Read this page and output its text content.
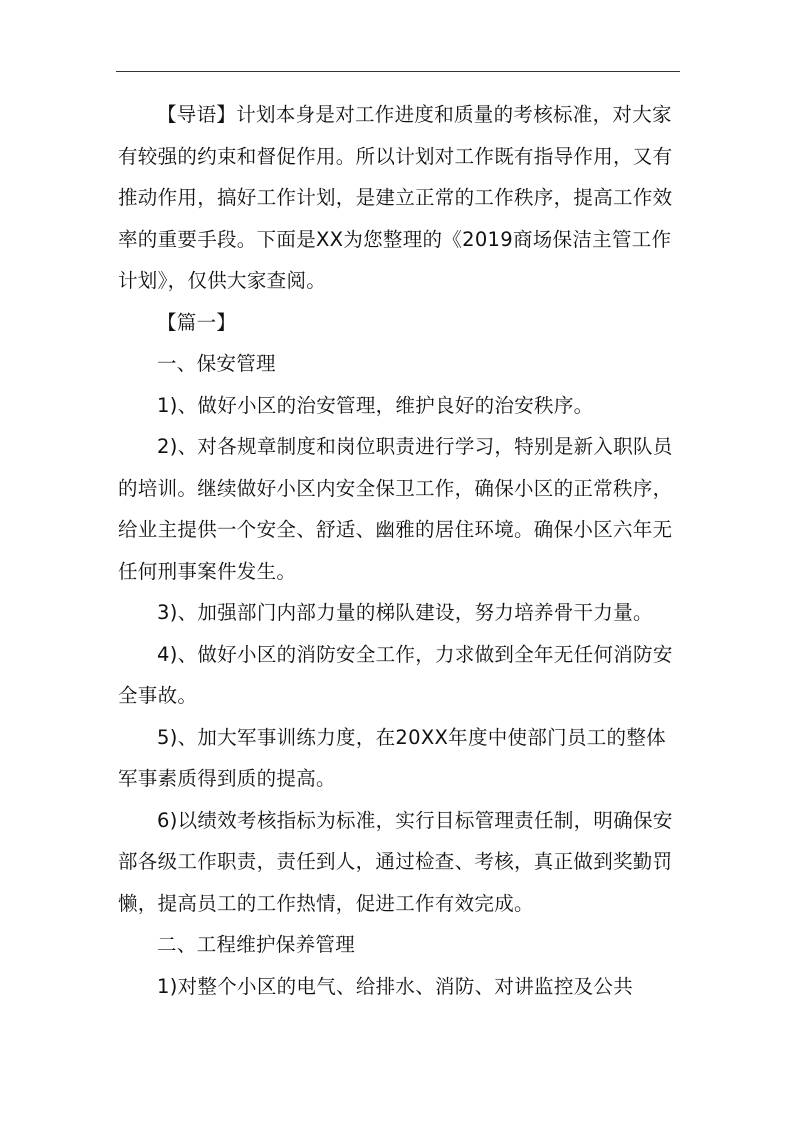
【导语】计划本身是对工作进度和质量的考核标准，对大家有较强的约束和督促作用。所以计划对工作既有指导作用，又有推动作用，搞好工作计划，是建立正常的工作秩序，提高工作效率的重要手段。下面是XX为您整理的《2019商场保洁主管工作计划》，仅供大家查阅。

【篇一】

一、保安管理

1)、做好小区的治安管理，维护良好的治安秩序。

2)、对各规章制度和岗位职责进行学习，特别是新入职队员的培训。继续做好小区内安全保卫工作，确保小区的正常秩序，给业主提供一个安全、舒适、幽雅的居住环境。确保小区六年无任何刑事案件发生。

3)、加强部门内部力量的梯队建设，努力培养骨干力量。

4)、做好小区的消防安全工作，力求做到全年无任何消防安全事故。

5)、加大军事训练力度，在20XX年度中使部门员工的整体军事素质得到质的提高。

6)以绩效考核指标为标准，实行目标管理责任制，明确保安部各级工作职责，责任到人，通过检查、考核，真正做到奖勤罚懒，提高员工的工作热情，促进工作有效完成。

二、工程维护保养管理

1)对整个小区的电气、给排水、消防、对讲监控及公共
